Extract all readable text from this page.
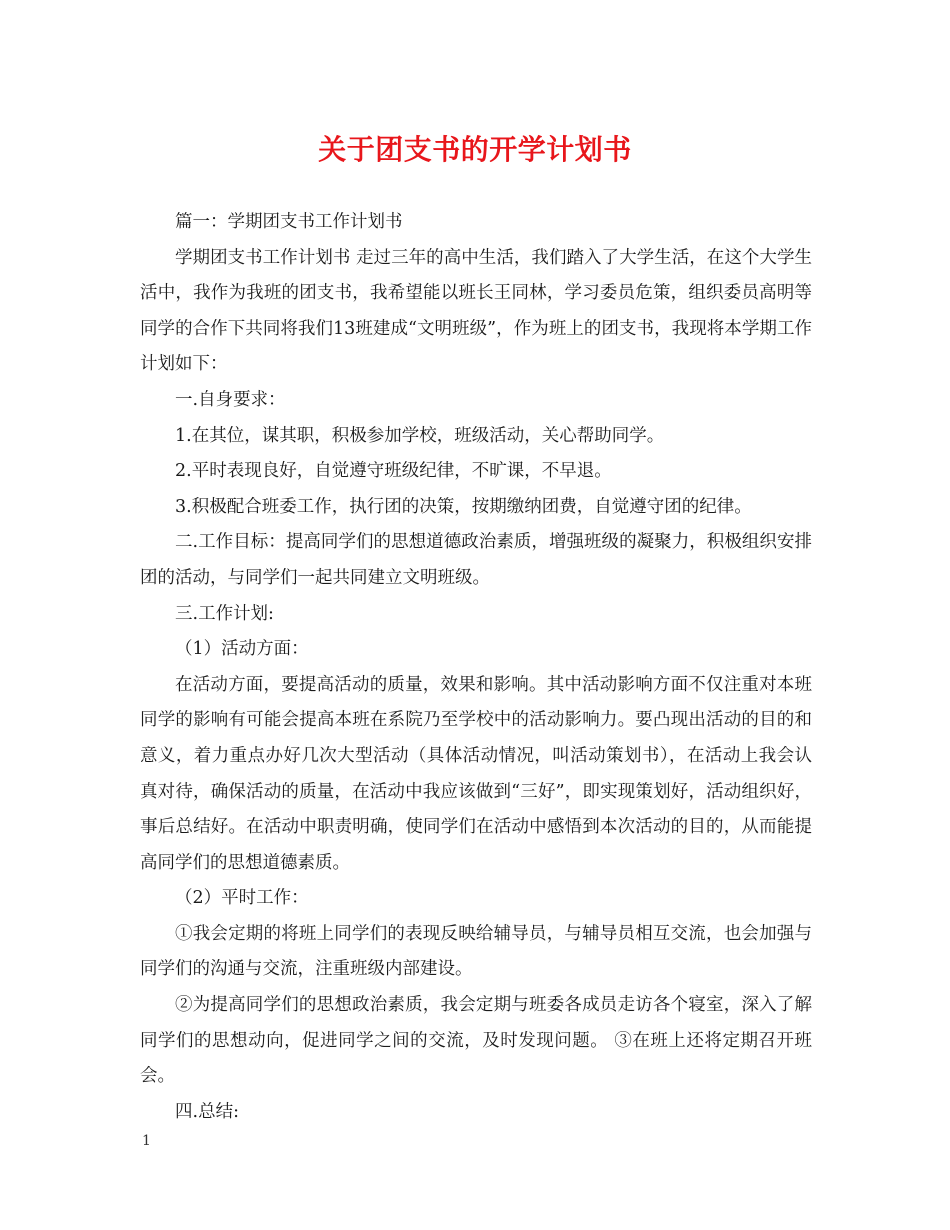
关于团支书的开学计划书

篇一：学期团支书工作计划书

学期团支书工作计划书 走过三年的高中生活，我们踏入了大学生活，在这个大学生活中，我作为我班的团支书，我希望能以班长王同林，学习委员危策，组织委员高明等同学的合作下共同将我们13班建成“文明班级”，作为班上的团支书，我现将本学期工作计划如下：

一.自身要求：

1.在其位，谋其职，积极参加学校，班级活动，关心帮助同学。

2.平时表现良好，自觉遵守班级纪律，不旷课，不早退。

3.积极配合班委工作，执行团的决策，按期缴纳团费，自觉遵守团的纪律。

二.工作目标：提高同学们的思想道德政治素质，增强班级的凝聚力，积极组织安排团的活动，与同学们一起共同建立文明班级。

三.工作计划:

（1）活动方面：

在活动方面，要提高活动的质量，效果和影响。其中活动影响方面不仅注重对本班同学的影响有可能会提高本班在系院乃至学校中的活动影响力。要凸现出活动的目的和意义，着力重点办好几次大型活动（具体活动情况，叫活动策划书），在活动上我会认真对待，确保活动的质量，在活动中我应该做到“三好”，即实现策划好，活动组织好，事后总结好。在活动中职责明确，使同学们在活动中感悟到本次活动的目的，从而能提高同学们的思想道德素质。

（2）平时工作：

①我会定期的将班上同学们的表现反映给辅导员，与辅导员相互交流，也会加强与同学们的沟通与交流，注重班级内部建设。

②为提高同学们的思想政治素质，我会定期与班委各成员走访各个寝室，深入了解同学们的思想动向，促进同学之间的交流，及时发现问题。 ③在班上还将定期召开班会。

四.总结:

1
